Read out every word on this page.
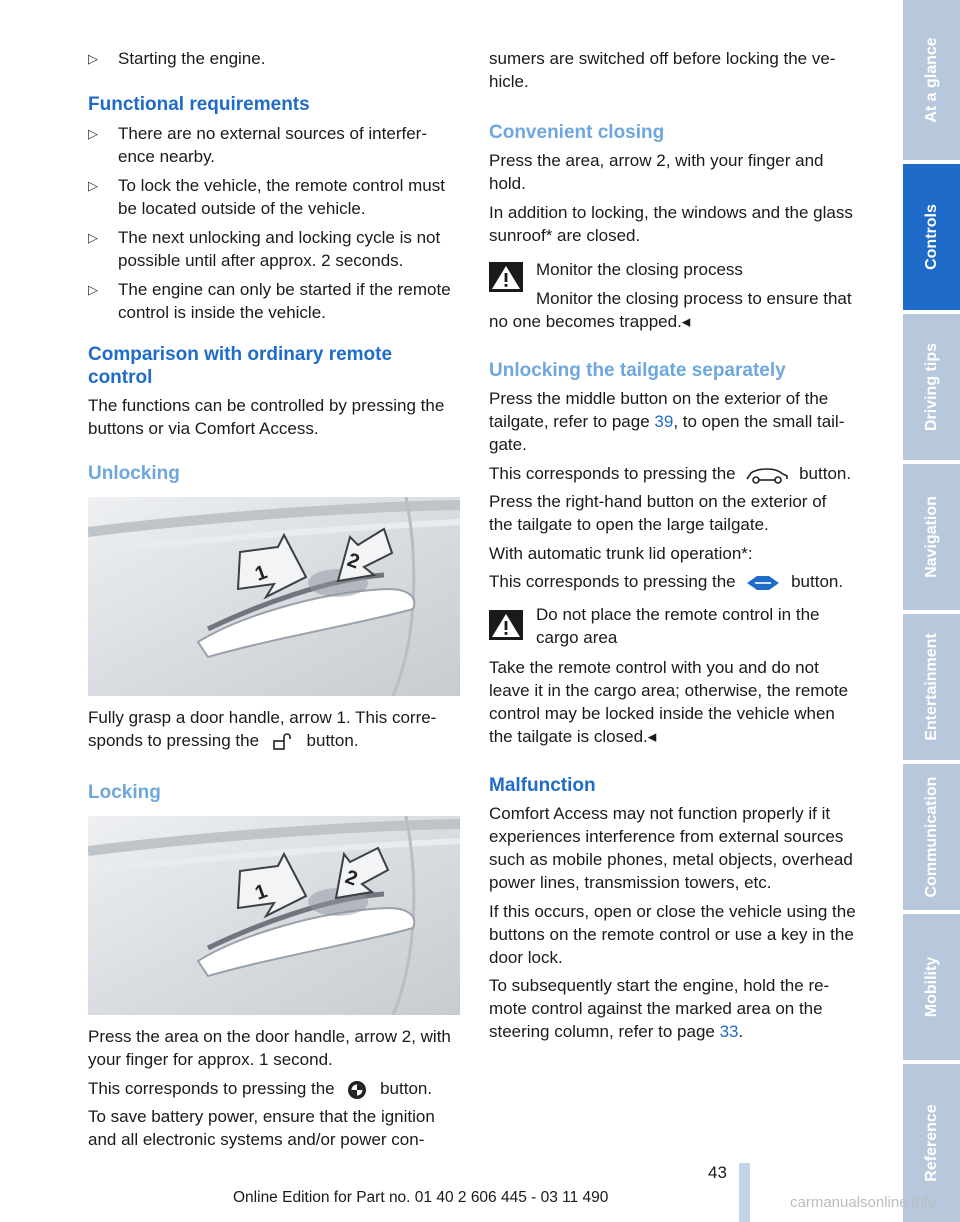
▷ Starting the engine.
Functional requirements
▷ There are no external sources of interfer-
ence nearby.
▷ To lock the vehicle, the remote control must
be located outside of the vehicle.
▷ The next unlocking and locking cycle is not
possible until after approx. 2 seconds.
▷ The engine can only be started if the remote
control is inside the vehicle.
Comparison with ordinary remote
control

The functions can be controlled by pressing the
buttons or via Comfort Access.

Unlocking
1	2

Fully grasp a door handle, arrow 1. This corre-
sponds to pressing the	button.

Locking
1
2

Press the area on the door handle, arrow 2, with
your finger for approx. 1 second.

This corresponds to pressing the	button.

To save battery power, ensure that the ignition
and all electronic systems and/or power con-

sumers are switched off before locking the ve-
hicle.

Convenient closing

Press the area, arrow 2, with your finger and
hold.

In addition to locking, the windows and the glass
sunroof* are closed.

Monitor the closing process

Monitor the closing process to ensure that
no one becomes trapped.◂

Unlocking the tailgate separately

Press the middle button on the exterior of the
tailgate, refer to page 39, to open the small tail-
gate.

This corresponds to pressing the	button.

Press the right-hand button on the exterior of
the tailgate to open the large tailgate.

With automatic trunk lid operation*:

This corresponds to pressing the	button.

Do not place the remote control in the
cargo area

Take the remote control with you and do not
leave it in the cargo area; otherwise, the remote
control may be locked inside the vehicle when
the tailgate is closed.◂

Malfunction

Comfort Access may not function properly if it
experiences interference from external sources
such as mobile phones, metal objects, overhead
power lines, transmission towers, etc.

If this occurs, open or close the vehicle using the
buttons on the remote control or use a key in the
door lock.

To subsequently start the engine, hold the re-
mote control against the marked area on the
steering column, refer to page 33.

At a glance
Controls
Driving tips
Navigation
Entertainment
Communication
Mobility
Reference
43
Online Edition for Part no. 01 40 2 606 445 - 03 11 490	carmanualsonline.info
